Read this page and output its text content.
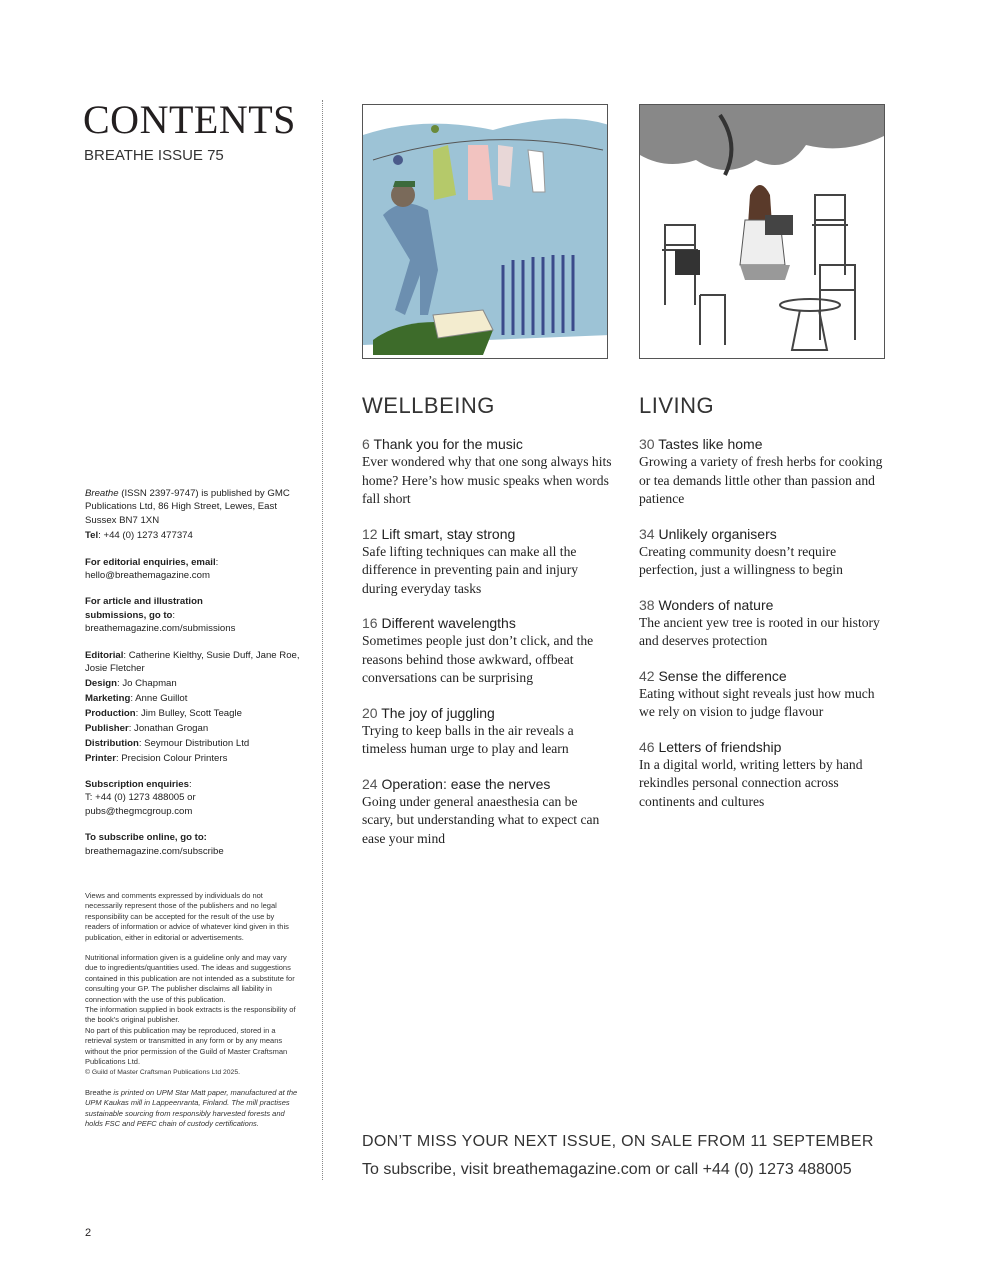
CONTENTS
BREATHE ISSUE 75

Breathe (ISSN 2397-9747) is published by GMC Publications Ltd, 86 High Street, Lewes, East Sussex BN7 1XN

Tel: +44 (0) 1273 477374

For editorial enquiries, email:
hello@breathemagazine.com

For article and illustration submissions, go to:

breathemagazine.com/submissions

Editorial: Catherine Kielthy, Susie Duff, Jane Roe, Josie Fletcher

Design: Jo Chapman

Marketing: Anne Guillot

Production: Jim Bulley, Scott Teagle

Publisher: Jonathan Grogan

Distribution: Seymour Distribution Ltd

Printer: Precision Colour Printers

Subscription enquiries:
T: +44 (0) 1273 488005 or
pubs@thegmcgroup.com

To subscribe online, go to:
breathemagazine.com/subscribe

Views and comments expressed by individuals do not necessarily represent those of the publishers and no legal responsibility can be accepted for the result of the use by readers of information or advice of whatever kind given in this publication, either in editorial or advertisements.

Nutritional information given is a guideline only and may vary due to ingredients/quantities used. The ideas and suggestions contained in this publication are not intended as a substitute for consulting your GP. The publisher disclaims all liability in connection with the use of this publication.

The information supplied in book extracts is the responsibility of the book’s original publisher.

No part of this publication may be reproduced, stored in a retrieval system or transmitted in any form or by any means without the prior permission of the Guild of Master Craftsman Publications Ltd.

© Guild of Master Craftsman Publications Ltd 2025.

Breathe is printed on UPM Star Matt paper, manufactured at the UPM Kaukas mill in Lappeenranta, Finland. The mill practises sustainable sourcing from responsibly harvested forests and holds FSC and PEFC chain of custody certifications.

WELLBEING
6 Thank you for the music
Ever wondered why that one song always hits home? Here’s how music speaks when words fall short
12 Lift smart, stay strong
Safe lifting techniques can make all the difference in preventing pain and injury during everyday tasks
16 Different wavelengths
Sometimes people just don’t click, and the reasons behind those awkward, offbeat conversations can be surprising
20 The joy of juggling
Trying to keep balls in the air reveals a timeless human urge to play and learn
24 Operation: ease the nerves
Going under general anaesthesia can be scary, but understanding what to expect can ease your mind
LIVING
30 Tastes like home
Growing a variety of fresh herbs for cooking or tea demands little other than passion and patience
34 Unlikely organisers
Creating community doesn’t require perfection, just a willingness to begin
38 Wonders of nature
The ancient yew tree is rooted in our history and deserves protection
42 Sense the difference
Eating without sight reveals just how much we rely on vision to judge flavour
46 Letters of friendship
In a digital world, writing letters by hand rekindles personal connection across continents and cultures
DON’T MISS YOUR NEXT ISSUE, ON SALE FROM 11 SEPTEMBER
To subscribe, visit breathemagazine.com or call +44 (0) 1273 488005
2
